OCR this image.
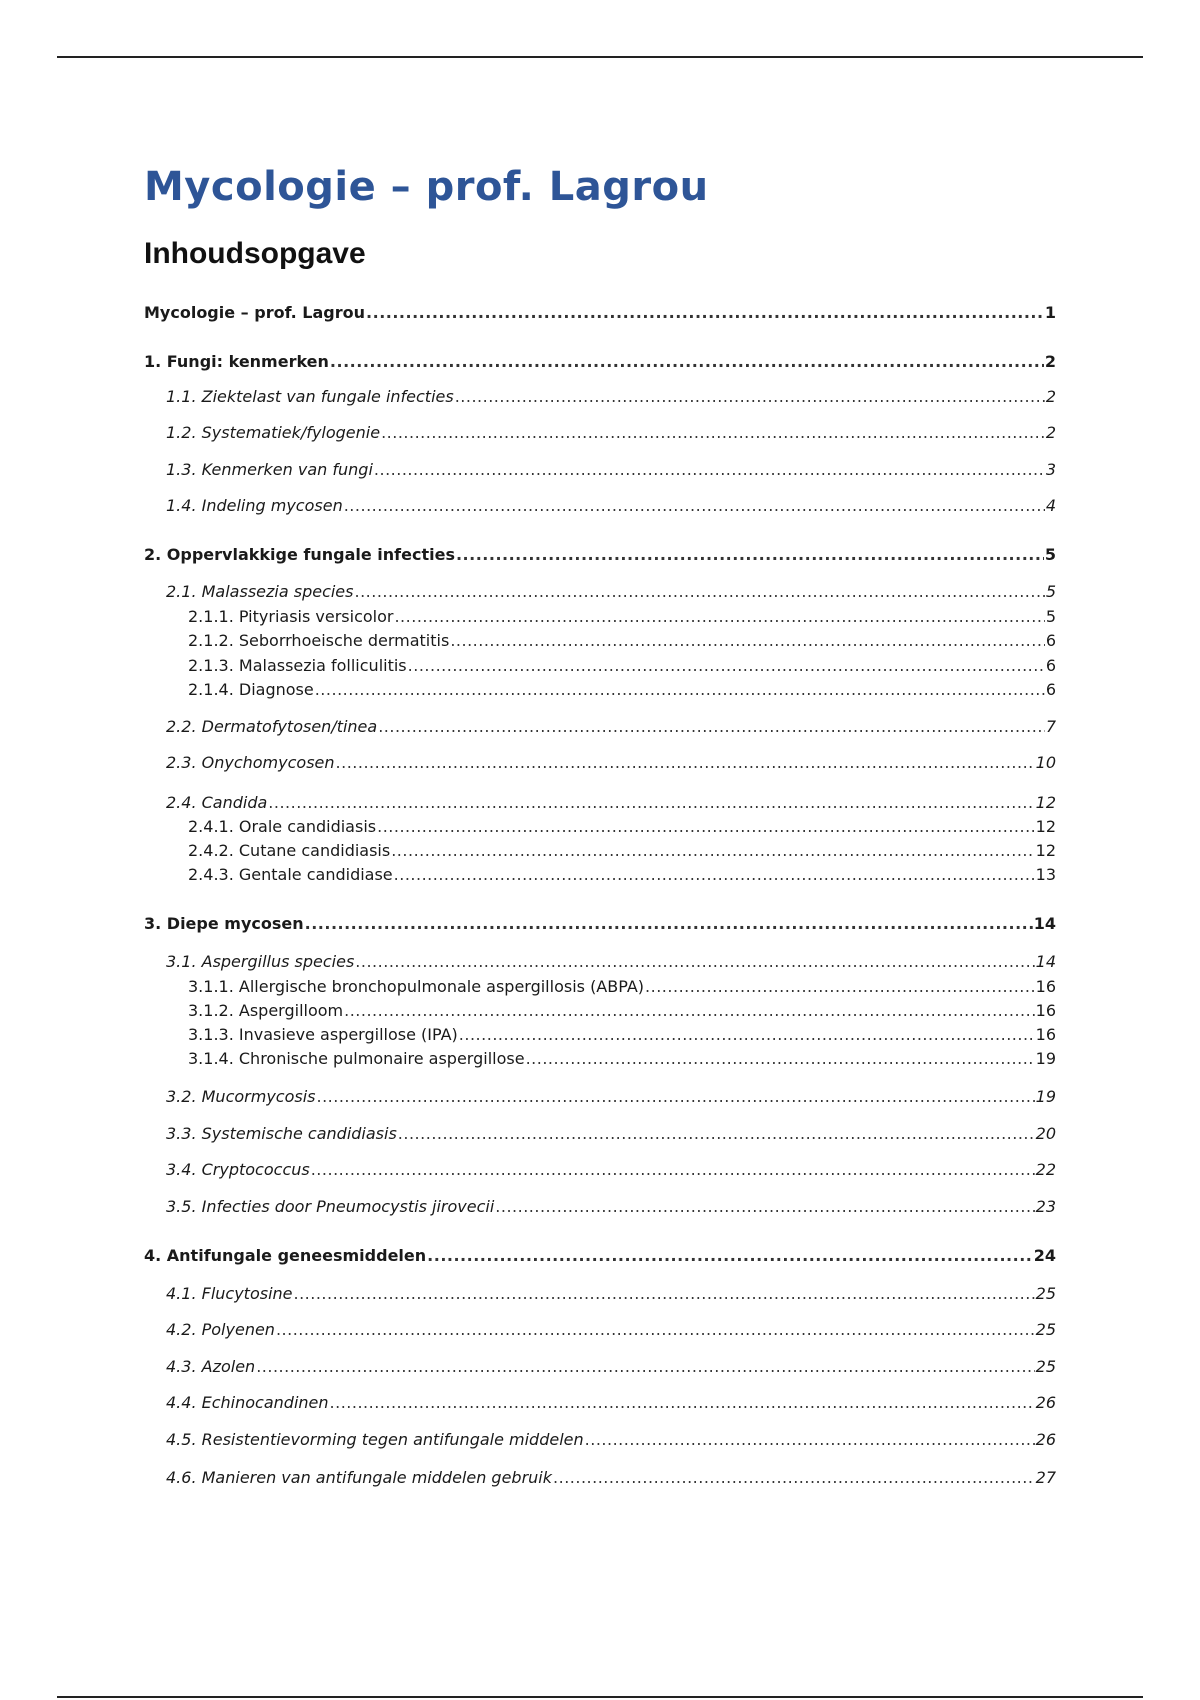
Mycologie – prof. Lagrou
Inhoudsopgave
Mycologie – prof. Lagrou .....	1
1. Fungi: kenmerken .....	2
1.1. Ziektelast van fungale infecties .....	2
1.2. Systematiek/fylogenie .....	2
1.3. Kenmerken van fungi .....	3
1.4. Indeling mycosen .....	4
2. Oppervlakkige fungale infecties .....	5
2.1. Malassezia species .....	5
2.1.1. Pityriasis versicolor .....	5
2.1.2. Seborrhoeische dermatitis .....	6
2.1.3. Malassezia folliculitis .....	6
2.1.4. Diagnose .....	6
2.2. Dermatofytosen/tinea .....	7
2.3. Onychomycosen .....	10
2.4. Candida .....	12
2.4.1. Orale candidiasis .....	12
2.4.2. Cutane candidiasis .....	12
2.4.3. Gentale candidiase .....	13
3. Diepe mycosen .....	14
3.1. Aspergillus species .....	14
3.1.1. Allergische bronchopulmonale aspergillosis (ABPA) .....	16
3.1.2. Aspergilloom .....	16
3.1.3. Invasieve aspergillose (IPA) .....	16
3.1.4. Chronische pulmonaire aspergillose .....	19
3.2. Mucormycosis .....	19
3.3. Systemische candidiasis .....	20
3.4. Cryptococcus .....	22
3.5. Infecties door Pneumocystis jirovecii .....	23
4. Antifungale geneesmiddelen .....	24
4.1. Flucytosine .....	25
4.2. Polyenen .....	25
4.3. Azolen .....	25
4.4. Echinocandinen .....	26
4.5. Resistentievorming tegen antifungale middelen .....	26
4.6. Manieren van antifungale middelen gebruik .....	27
